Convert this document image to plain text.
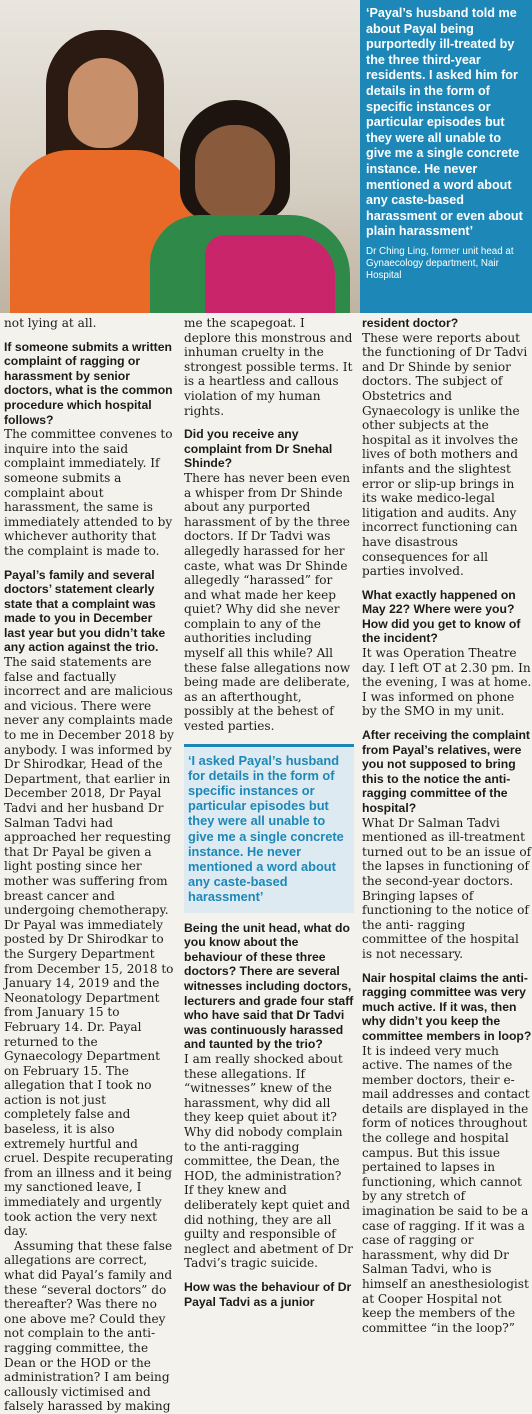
‘Payal’s husband told me about Payal being purportedly ill-treated by the three third-year residents. I asked him for details in the form of specific instances or particular episodes but they were all unable to give me a single concrete instance. He never mentioned a word about any caste-based harassment or even about plain harassment’

Dr Ching Ling, former unit head at Gynaecology department, Nair Hospital

not lying at all.

If someone submits a written complaint of ragging or harassment by senior doctors, what is the common procedure which hospital follows?

The committee convenes to inquire into the said complaint immediately. If someone submits a complaint about harassment, the same is immediately attended to by whichever authority that the complaint is made to.

Payal’s family and several doctors’ statement clearly state that a complaint was made to you in December last year but you didn’t take any action against the trio.

The said statements are false and factually incorrect and are malicious and vicious. There were never any complaints made to me in December 2018 by anybody. I was informed by Dr Shirodkar, Head of the Department, that earlier in December 2018, Dr Payal Tadvi and her husband Dr Salman Tadvi had approached her requesting that Dr Payal be given a light posting since her mother was suffering from breast cancer and undergoing chemotherapy. Dr Payal was immediately posted by Dr Shirodkar to the Surgery Department from December 15, 2018 to January 14, 2019 and the Neonatology Department from January 15 to February 14. Dr. Payal returned to the Gynaecology Department on February 15. The allegation that I took no action is not just completely false and baseless, it is also extremely hurtful and cruel. Despite recuperating from an illness and it being my sanctioned leave, I immediately and urgently took action the very next day.

Assuming that these false allegations are correct, what did Payal’s family and these “several doctors” do thereafter? Was there no one above me? Could they not complain to the anti-ragging committee, the Dean or the HOD or the administration? I am being callously victimised and falsely harassed by making

me the scapegoat. I deplore this monstrous and inhuman cruelty in the strongest possible terms. It is a heartless and callous violation of my human rights.

Did you receive any complaint from Dr Snehal Shinde?

There has never been even a whisper from Dr Shinde about any purported harassment of by the three doctors. If Dr Tadvi was allegedly harassed for her caste, what was Dr Shinde allegedly “harassed” for and what made her keep quiet? Why did she never complain to any of the authorities including myself all this while? All these false allegations now being made are deliberate, as an afterthought, possibly at the behest of vested parties.

‘I asked Payal’s husband for details in the form of specific instances or particular episodes but they were all unable to give me a single concrete instance. He never mentioned a word about any caste-based harassment’

Being the unit head, what do you know about the behaviour of these three doctors? There are several witnesses including doctors, lecturers and grade four staff who have said that Dr Tadvi was continuously harassed and taunted by the trio?

I am really shocked about these allegations. If “witnesses” knew of the harassment, why did all they keep quiet about it? Why did nobody complain to the anti-ragging committee, the Dean, the HOD, the administration? If they knew and deliberately kept quiet and did nothing, they are all guilty and responsible of neglect and abetment of Dr Tadvi’s tragic suicide.

How was the behaviour of Dr Payal Tadvi as a junior

resident doctor?

These were reports about the functioning of Dr Tadvi and Dr Shinde by senior doctors. The subject of Obstetrics and Gynaecology is unlike the other subjects at the hospital as it involves the lives of both mothers and infants and the slightest error or slip-up brings in its wake medico-legal litigation and audits. Any incorrect functioning can have disastrous consequences for all parties involved.

What exactly happened on May 22? Where were you? How did you get to know of the incident?

It was Operation Theatre day. I left OT at 2.30 pm. In the evening, I was at home. I was informed on phone by the SMO in my unit.

After receiving the complaint from Payal’s relatives, were you not supposed to bring this to the notice the anti-ragging committee of the hospital?

What Dr Salman Tadvi mentioned as ill-treatment turned out to be an issue of the lapses in functioning of the second-year doctors. Bringing lapses of functioning to the notice of the anti- ragging committee of the hospital is not necessary.

Nair hospital claims the anti-ragging committee was very much active. If it was, then why didn’t you keep the committee members in loop?

It is indeed very much active. The names of the member doctors, their e-mail addresses and contact details are displayed in the form of notices throughout the college and hospital campus. But this issue pertained to lapses in functioning, which cannot by any stretch of imagination be said to be a case of ragging. If it was a case of ragging or harassment, why did Dr Salman Tadvi, who is himself an anesthesiologist at Cooper Hospital not keep the members of the committee “in the loop?”
